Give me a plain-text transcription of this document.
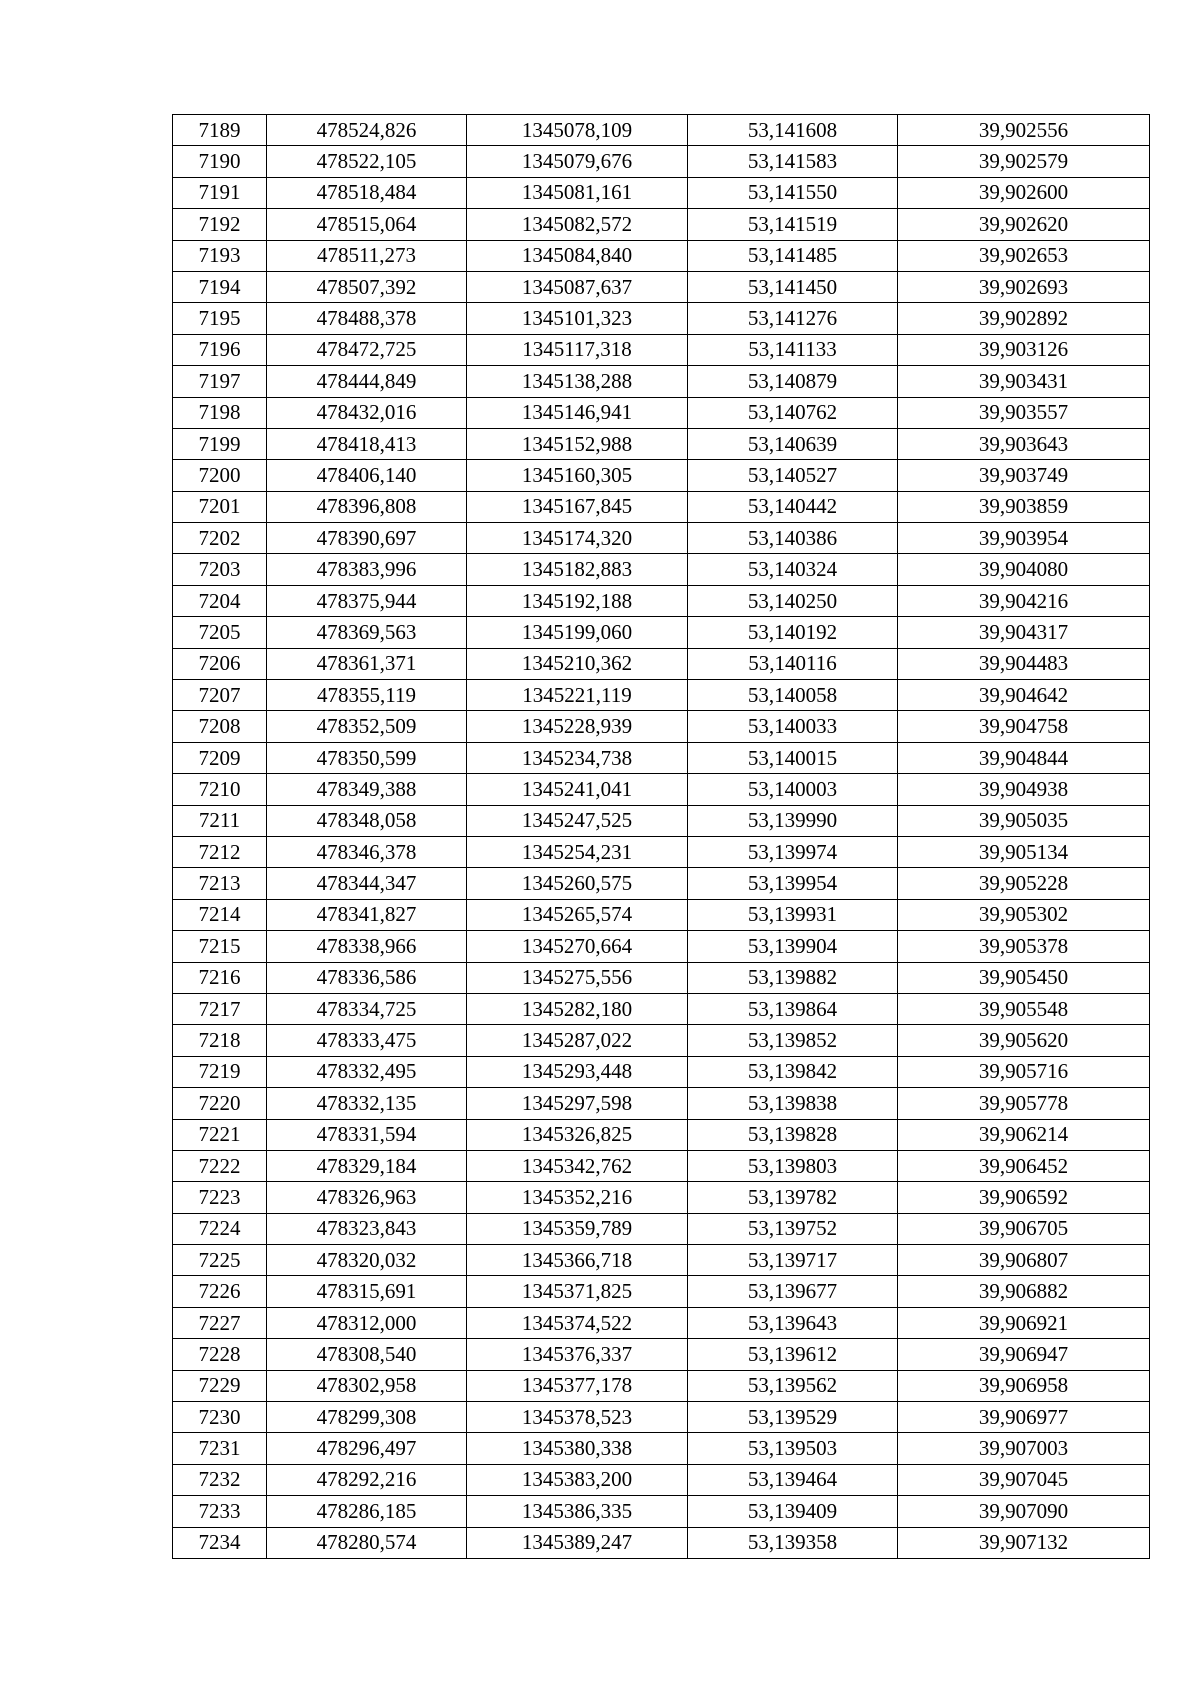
7189	478524,826	1345078,109	53,141608	39,902556
7190	478522,105	1345079,676	53,141583	39,902579
7191	478518,484	1345081,161	53,141550	39,902600
7192	478515,064	1345082,572	53,141519	39,902620
7193	478511,273	1345084,840	53,141485	39,902653
7194	478507,392	1345087,637	53,141450	39,902693
7195	478488,378	1345101,323	53,141276	39,902892
7196	478472,725	1345117,318	53,141133	39,903126
7197	478444,849	1345138,288	53,140879	39,903431
7198	478432,016	1345146,941	53,140762	39,903557
7199	478418,413	1345152,988	53,140639	39,903643
7200	478406,140	1345160,305	53,140527	39,903749
7201	478396,808	1345167,845	53,140442	39,903859
7202	478390,697	1345174,320	53,140386	39,903954
7203	478383,996	1345182,883	53,140324	39,904080
7204	478375,944	1345192,188	53,140250	39,904216
7205	478369,563	1345199,060	53,140192	39,904317
7206	478361,371	1345210,362	53,140116	39,904483
7207	478355,119	1345221,119	53,140058	39,904642
7208	478352,509	1345228,939	53,140033	39,904758
7209	478350,599	1345234,738	53,140015	39,904844
7210	478349,388	1345241,041	53,140003	39,904938
7211	478348,058	1345247,525	53,139990	39,905035
7212	478346,378	1345254,231	53,139974	39,905134
7213	478344,347	1345260,575	53,139954	39,905228
7214	478341,827	1345265,574	53,139931	39,905302
7215	478338,966	1345270,664	53,139904	39,905378
7216	478336,586	1345275,556	53,139882	39,905450
7217	478334,725	1345282,180	53,139864	39,905548
7218	478333,475	1345287,022	53,139852	39,905620
7219	478332,495	1345293,448	53,139842	39,905716
7220	478332,135	1345297,598	53,139838	39,905778
7221	478331,594	1345326,825	53,139828	39,906214
7222	478329,184	1345342,762	53,139803	39,906452
7223	478326,963	1345352,216	53,139782	39,906592
7224	478323,843	1345359,789	53,139752	39,906705
7225	478320,032	1345366,718	53,139717	39,906807
7226	478315,691	1345371,825	53,139677	39,906882
7227	478312,000	1345374,522	53,139643	39,906921
7228	478308,540	1345376,337	53,139612	39,906947
7229	478302,958	1345377,178	53,139562	39,906958
7230	478299,308	1345378,523	53,139529	39,906977
7231	478296,497	1345380,338	53,139503	39,907003
7232	478292,216	1345383,200	53,139464	39,907045
7233	478286,185	1345386,335	53,139409	39,907090
7234	478280,574	1345389,247	53,139358	39,907132
